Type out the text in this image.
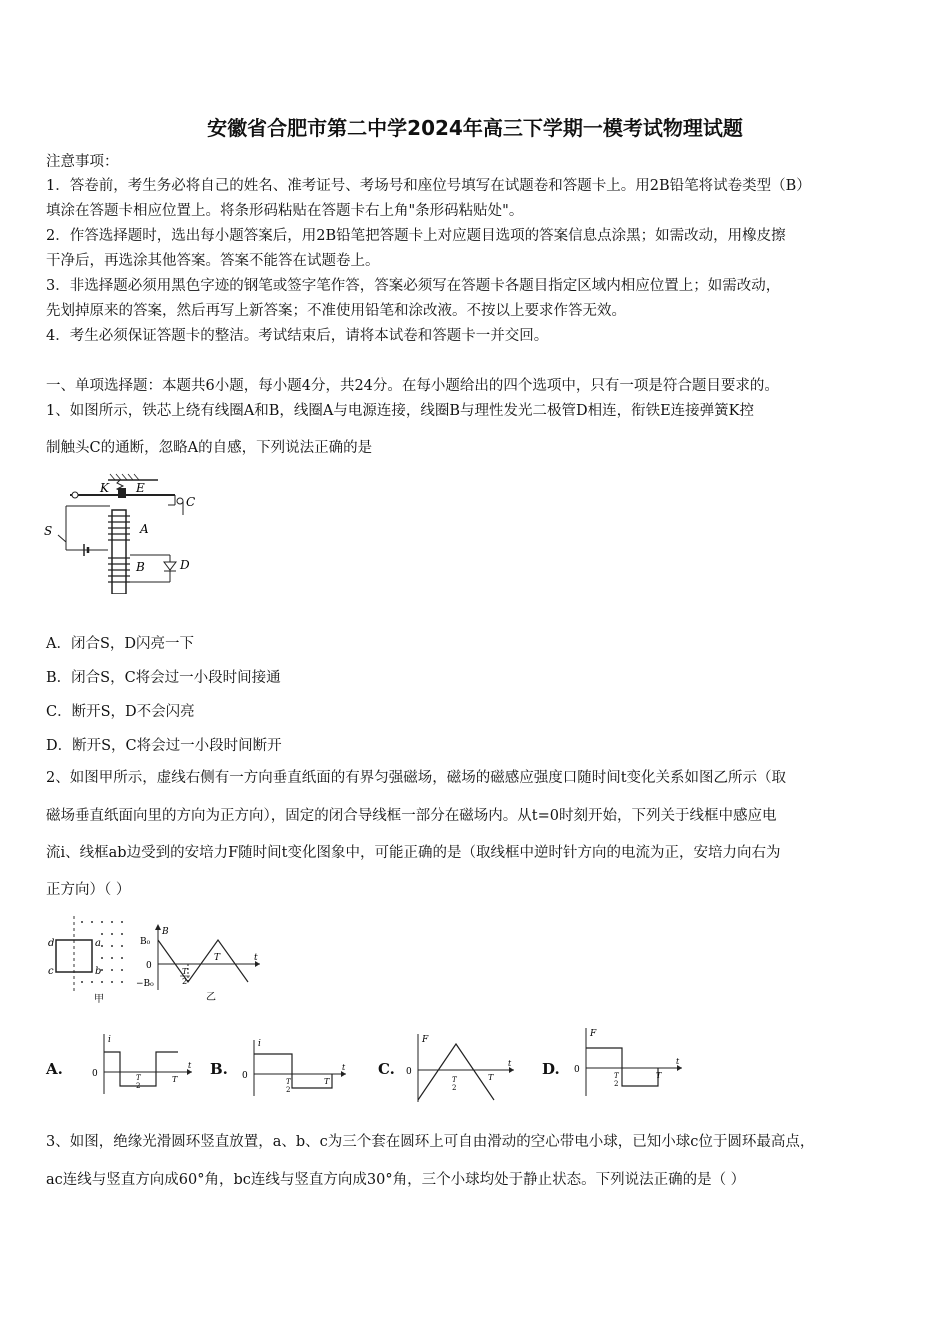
安徽省合肥市第二中学2024年高三下学期一模考试物理试题
注意事项：
1．答卷前，考生务必将自己的姓名、准考证号、考场号和座位号填写在试题卷和答题卡上。用2B铅笔将试卷类型（B）
填涂在答题卡相应位置上。将条形码粘贴在答题卡右上角"条形码粘贴处"。
2．作答选择题时，选出每小题答案后，用2B铅笔把答题卡上对应题目选项的答案信息点涂黑；如需改动，用橡皮擦
干净后，再选涂其他答案。答案不能答在试题卷上。
3．非选择题必须用黑色字迹的钢笔或签字笔作答，答案必须写在答题卡各题目指定区域内相应位置上；如需改动，
先划掉原来的答案，然后再写上新答案；不准使用铅笔和涂改液。不按以上要求作答无效。
4．考生必须保证答题卡的整洁。考试结束后，请将本试卷和答题卡一并交回。
一、单项选择题：本题共6小题，每小题4分，共24分。在每小题给出的四个选项中，只有一项是符合题目要求的。
1、如图所示，铁芯上绕有线圈A和B，线圈A与电源连接，线圈B与理性发光二极管D相连，衔铁E连接弹簧K控
制触头C的通断，忽略A的自感，下列说法正确的是
K E
C
S	A
B	D
A．闭合S，D闪亮一下
B．闭合S，C将会过一小段时间接通
C．断开S，D不会闪亮
D．断开S，C将会过一小段时间断开
2、如图甲所示，虚线右侧有一方向垂直纸面的有界匀强磁场，磁场的磁感应强度口随时间t变化关系如图乙所示（取
磁场垂直纸面向里的方向为正方向），固定的闭合导线框一部分在磁场内。从t=0时刻开始，下列关于线框中感应电
流i、线框ab边受到的安培力F随时间t变化图象中，可能正确的是（取线框中逆时针方向的电流为正，安培力向右为
正方向）（ ）
d	a
c	b
甲
B
B₀
0
−B₀
T
2
T	t
乙
A.
i
0	T
2
T
t B.
i
0
T
2
T
t C.
F
0
T
2
T
t D.
F
0
T
2
T
t
3、如图，绝缘光滑圆环竖直放置，a、b、c为三个套在圆环上可自由滑动的空心带电小球，已知小球c位于圆环最高点，
ac连线与竖直方向成60°角，bc连线与竖直方向成30°角，三个小球均处于静止状态。下列说法正确的是（ ）
